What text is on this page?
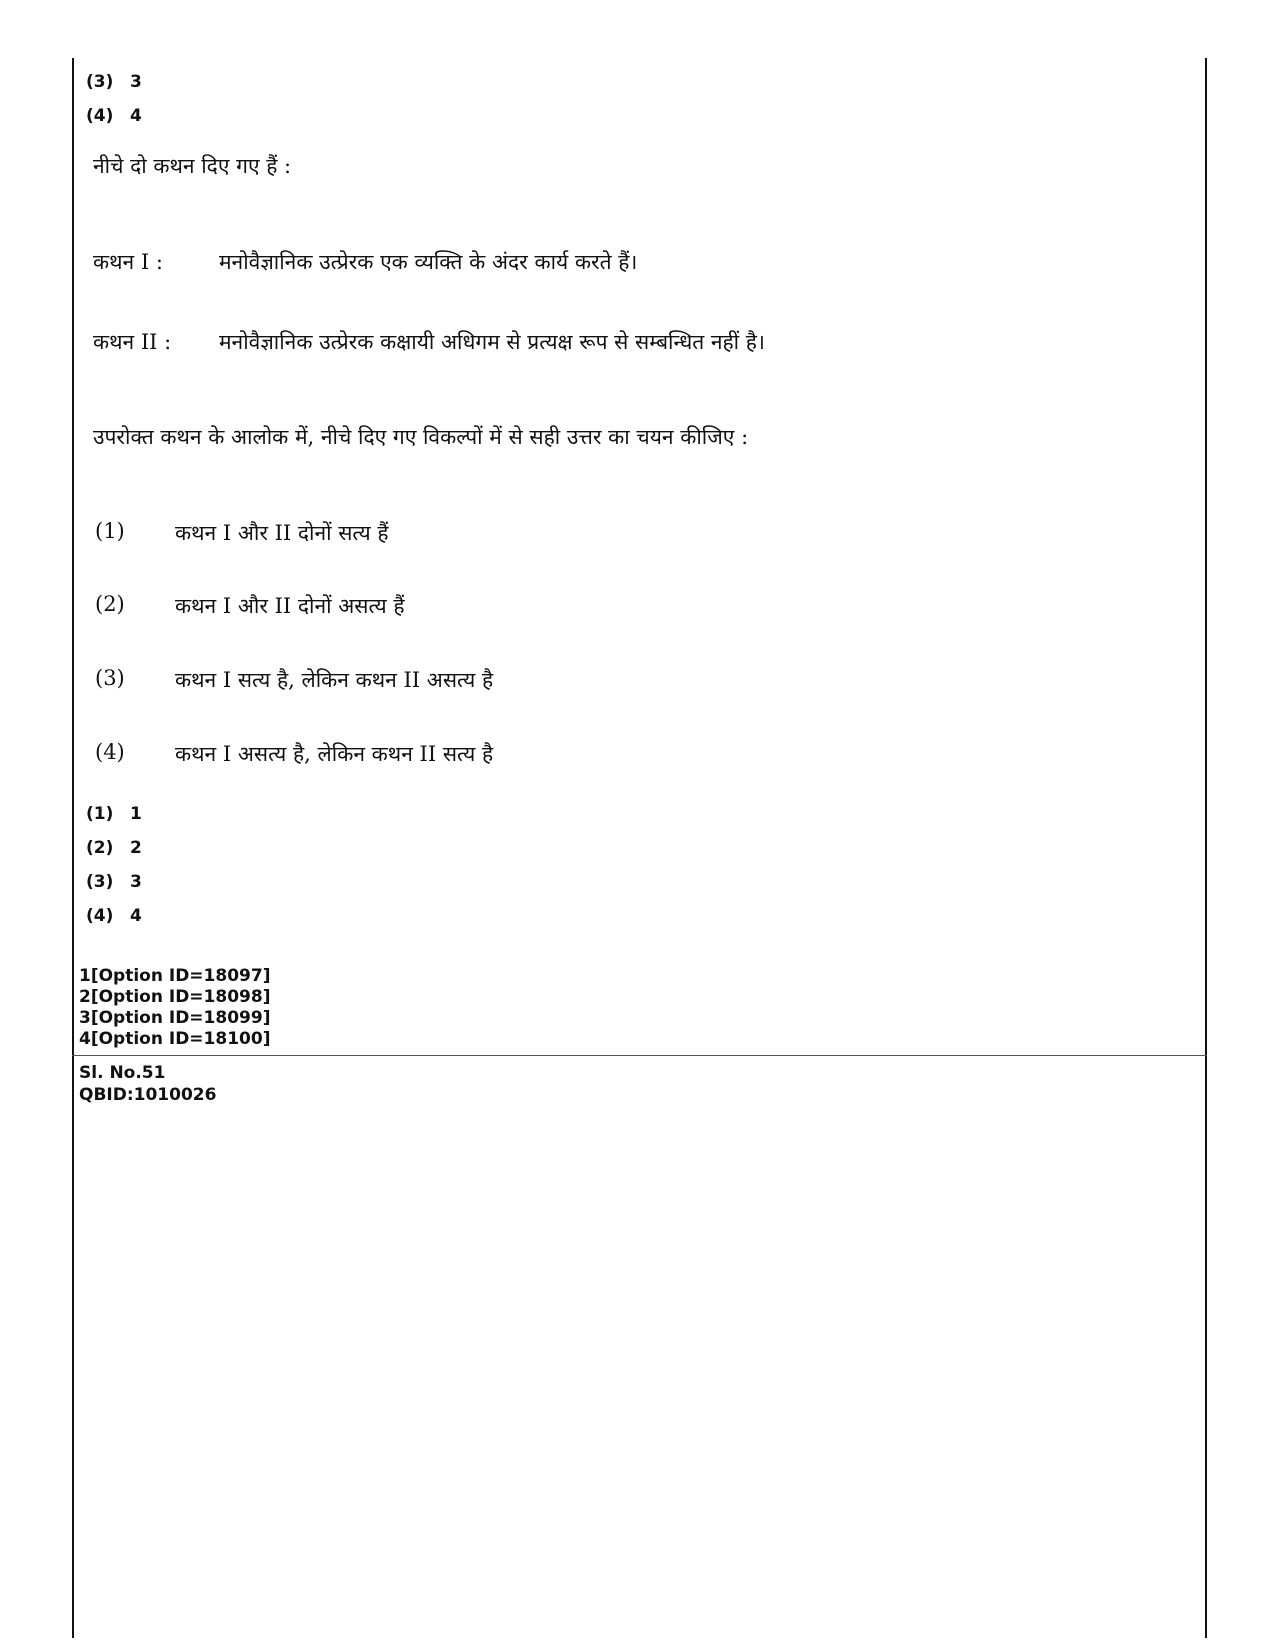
(3) 3
(4) 4
नीचे दो कथन दिए गए हैं :
कथन I :	मनोवैज्ञानिक उत्प्रेरक एक व्यक्ति के अंदर कार्य करते हैं।
कथन II : मनोवैज्ञानिक उत्प्रेरक कक्षायी अधिगम से प्रत्यक्ष रूप से सम्बन्धित नहीं है।
उपरोक्त कथन के आलोक में, नीचे दिए गए विकल्पों में से सही उत्तर का चयन कीजिए :
(1) कथन I और II दोनों सत्य हैं
(2) कथन I और II दोनों असत्य हैं
(3) कथन I सत्य है, लेकिन कथन II असत्य है
(4) कथन I असत्य है, लेकिन कथन II सत्य है
(1) 1
(2) 2
(3) 3
(4) 4
1[Option ID=18097]
2[Option ID=18098]
3[Option ID=18099]
4[Option ID=18100]
Sl. No.51
QBID:1010026
